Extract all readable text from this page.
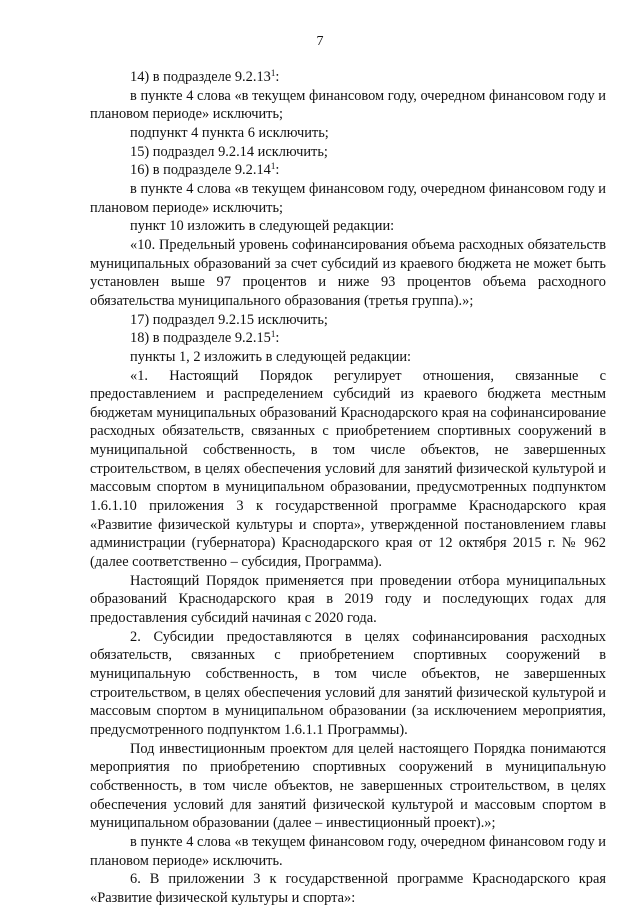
7

14) в подразделе 9.2.13$^1$:

в пункте 4 слова «в текущем финансовом году, очередном финансовом году и плановом периоде» исключить;

подпункт 4 пункта 6 исключить;

15) подраздел 9.2.14 исключить;

16) в подразделе 9.2.14$^1$:

в пункте 4 слова «в текущем финансовом году, очередном финансовом году и плановом периоде» исключить;

пункт 10 изложить в следующей редакции:

«10. Предельный уровень софинансирования объема расходных обязательств муниципальных образований за счет субсидий из краевого бюджета не может быть установлен выше 97 процентов и ниже 93 процентов объема расходного обязательства муниципального образования (третья группа).»;

17) подраздел 9.2.15 исключить;

18) в подразделе 9.2.15$^1$:

пункты 1, 2 изложить в следующей редакции:

«1. Настоящий Порядок регулирует отношения, связанные с предоставлением и распределением субсидий из краевого бюджета местным бюджетам муниципальных образований Краснодарского края на софинансирование расходных обязательств, связанных с приобретением спортивных сооружений в муниципальной собственность, в том числе объектов, не завершенных строительством, в целях обеспечения условий для занятий физической культурой и массовым спортом в муниципальном образовании, предусмотренных подпунктом 1.6.1.10 приложения 3 к государственной программе Краснодарского края «Развитие физической культуры и спорта», утвержденной постановлением главы администрации (губернатора) Краснодарского края от 12 октября 2015 г. № 962 (далее соответственно – субсидия, Программа).

Настоящий Порядок применяется при проведении отбора муниципальных образований Краснодарского края в 2019 году и последующих годах для предоставления субсидий начиная с 2020 года.

2. Субсидии предоставляются в целях софинансирования расходных обязательств, связанных с приобретением спортивных сооружений в муниципальную собственность, в том числе объектов, не завершенных строительством, в целях обеспечения условий для занятий физической культурой и массовым спортом в муниципальном образовании (за исключением мероприятия, предусмотренного подпунктом 1.6.1.1 Программы).

Под инвестиционным проектом для целей настоящего Порядка понимаются мероприятия по приобретению спортивных сооружений в муниципальную собственность, в том числе объектов, не завершенных строительством, в целях обеспечения условий для занятий физической культурой и массовым спортом в муниципальном образовании (далее – инвестиционный проект).»;

в пункте 4 слова «в текущем финансовом году, очередном финансовом году и плановом периоде» исключить.

6. В приложении 3 к государственной программе Краснодарского края «Развитие физической культуры и спорта»:
